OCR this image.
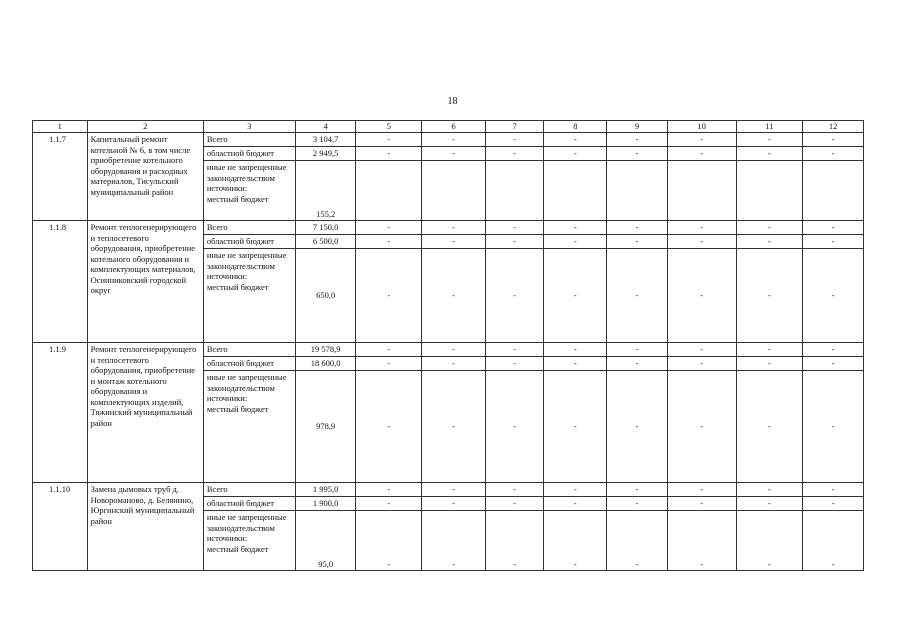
18
1	2	3	4	5	6	7	8	9	10	11	12
1.1.7	Капитальный ремонт котельной № 6, в том числе приобретение котельного оборудования и расходных материалов, Тисульский муниципальный район	Всего	3 104,7	-	-	-	-	-	-	-	-
		областной бюджет	2 949,5	-	-	-	-	-	-	-	-

		иные не запрещенные законодательством источники:
местный бюджет	155,2								
1.1.8	Ремонт теплогенерирующего и теплосетевого оборудования, приобретение котельного оборудования и комплектующих материалов, Осинниковский городской округ	Всего	7 150,0	-	-	-	-	-	-	-	-
		областной бюджет	6 500,0	-	-	-	-	-	-	-	-

		иные не запрещенные законодательством источники:
местный бюджет	650,0	-	-	-	-	-	-	-	-
1.1.9	Ремонт теплогенерирующего и теплосетевого оборудования, приобретение и монтаж котельного оборудования и комплектующих изделий, Тяжинский муниципальный район	Всего	19 578,9	-	-	-	-	-	-	-	-
		областной бюджет	18 600,0	-	-	-	-	-	-	-	-

		иные не запрещенные законодательством источники:
местный бюджет	978,9	-	-	-	-	-	-	-	-
1.1.10	Замена дымовых труб д. Новороманово, д. Белянино, Юргинский муниципальный район	Всего	1 995,0	-	-	-	-	-	-	-	-
		областной бюджет	1 900,0	-	-	-	-	-	-	-	-

		иные не запрещенные законодательством источники:
местный бюджет	95,0	-	-	-	-	-	-	-	-
